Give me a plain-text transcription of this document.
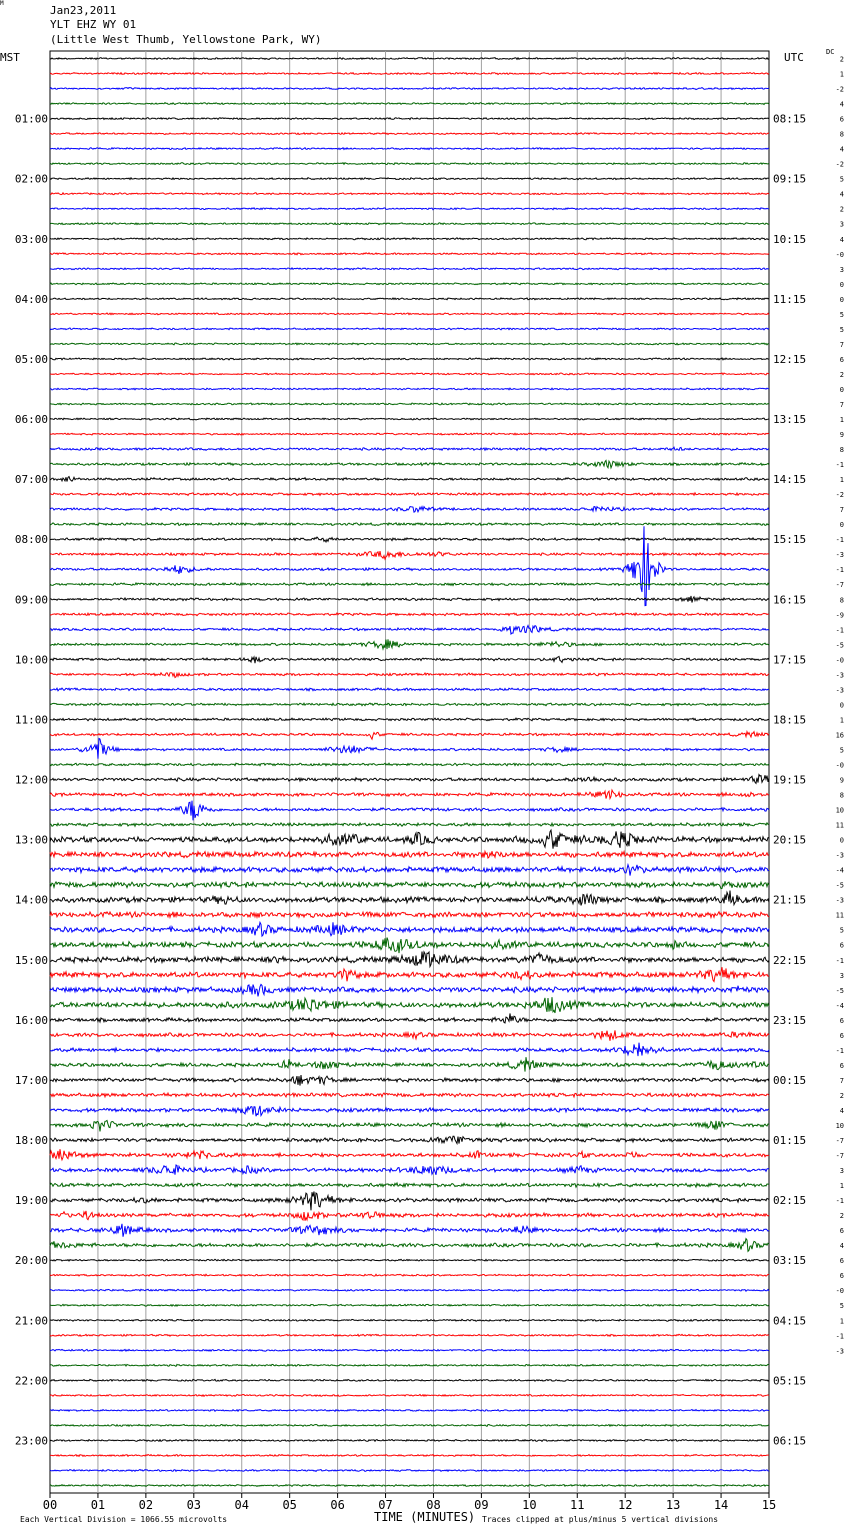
Jan23,2011
YLT EHZ WY 01
(Little West Thumb, Yellowstone Park, WY)
MST	UTC	DC
00	01	02	03	04	05	06	07	08	09	10	11	12	13	14	15
01:00
02:00
03:00
04:00
05:00
06:00
07:00
08:00
09:00
10:00
11:00
12:00
13:00
14:00
15:00
16:00
17:00
18:00
19:00
20:00
21:00
22:00
23:00
08:15
09:15
10:15
11:15
12:15
13:15
14:15
15:15
16:15
17:15
18:15
19:15
20:15
21:15
22:15
23:15
00:15
01:15
02:15
03:15
04:15
05:15
06:15
2
1
-2
4
6
8
4
-2
5
4
2
3
4
-0
3
0
0
5
5
7
6
2
0
7
1
9
8
-1
1
-2
7
0
-1
-3
-1
-7
8
-9
-1
-5
-0
-3
-3
0
1
16
5
-0
9
8
10
11
0
-3
-4
-5
-3
11
5
6
-1
3
-5
-4
6
6
-1
6
7
2
4
10
-7
-7
3
1
-1
2
6
4
6
6
-0
5
1
-1
-3
M
Each Vertical Division = 1066.55 microvolts	TIME (MINUTES) Traces clipped at plus/minus 5 vertical divisions
